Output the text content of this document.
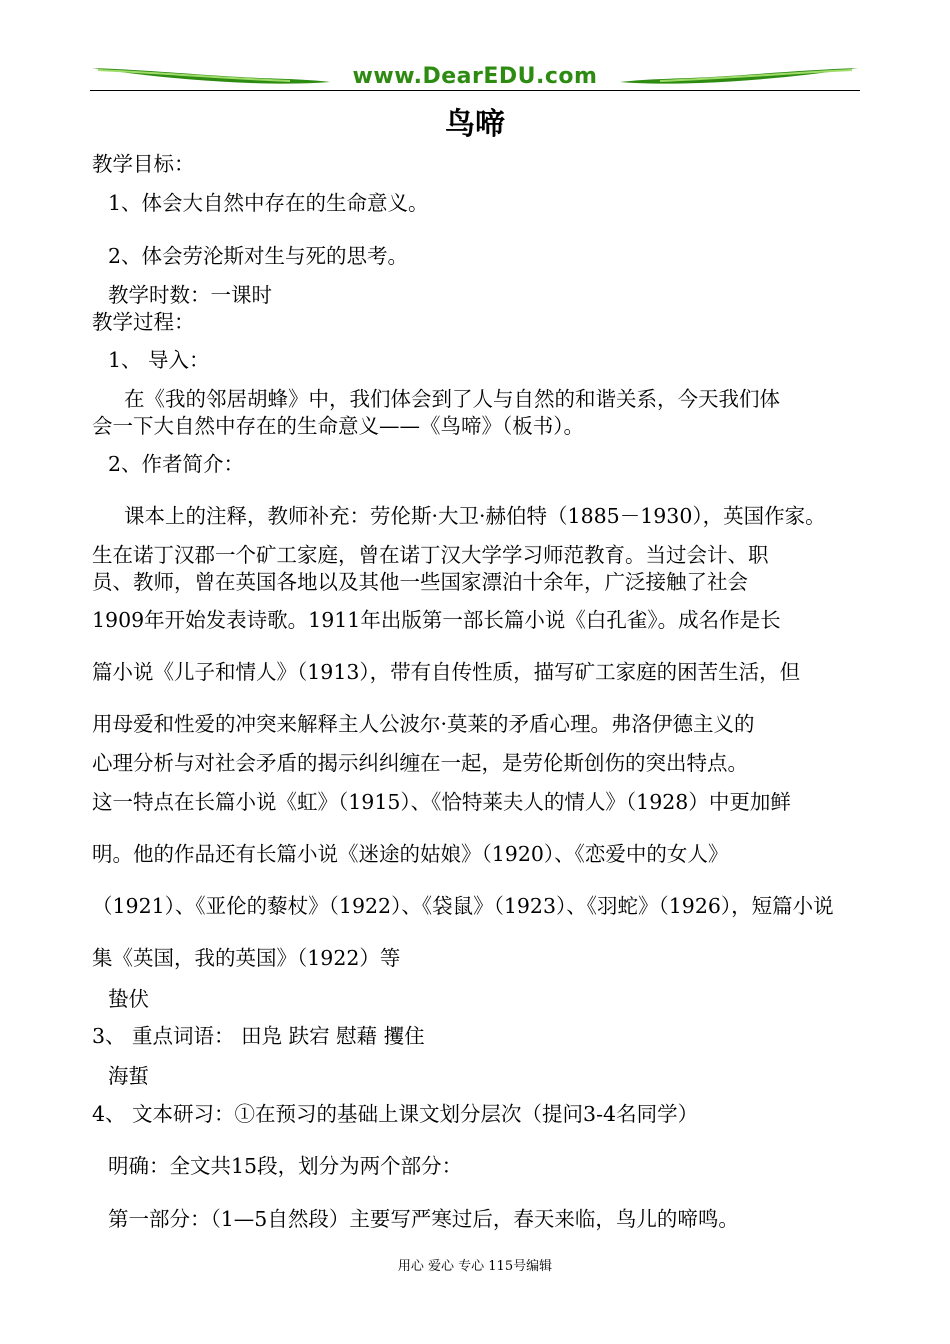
www.DearEDU.com
鸟啼
教学目标：
1、体会大自然中存在的生命意义。
2、体会劳沦斯对生与死的思考。
教学时数：一课时
教学过程：
1、 导入：
在《我的邻居胡蜂》中，我们体会到了人与自然的和谐关系，今天我们体
会一下大自然中存在的生命意义——《鸟啼》（板书）。
2、作者简介：
课本上的注释，教师补充：劳伦斯·大卫·赫伯特（1885－1930），英国作家。
生在诺丁汉郡一个矿工家庭，曾在诺丁汉大学学习师范教育。当过会计、职
员、教师，曾在英国各地以及其他一些国家漂泊十余年，广泛接触了社会
1909年开始发表诗歌。1911年出版第一部长篇小说《白孔雀》。成名作是长
篇小说《儿子和情人》（1913），带有自传性质，描写矿工家庭的困苦生活，但
用母爱和性爱的冲突来解释主人公波尔·莫莱的矛盾心理。弗洛伊德主义的
心理分析与对社会矛盾的揭示纠纠缠在一起，是劳伦斯创伤的突出特点。
这一特点在长篇小说《虹》（1915）、《恰特莱夫人的情人》（1928）中更加鲜
明。他的作品还有长篇小说《迷途的姑娘》（1920）、《恋爱中的女人》
（1921）、《亚伦的藜杖》（1922）、《袋鼠》（1923）、《羽蛇》（1926），短篇小说
集《英国，我的英国》（1922）等
蛰伏
3、 重点词语： 田凫 趺宕 慰藉 攫住
海蜇
4、 文本研习：①在预习的基础上课文划分层次（提问3-4名同学）
明确：全文共15段，划分为两个部分：
第一部分：（1—5自然段）主要写严寒过后，春天来临，鸟儿的啼鸣。
用心 爱心 专心 115号编辑
